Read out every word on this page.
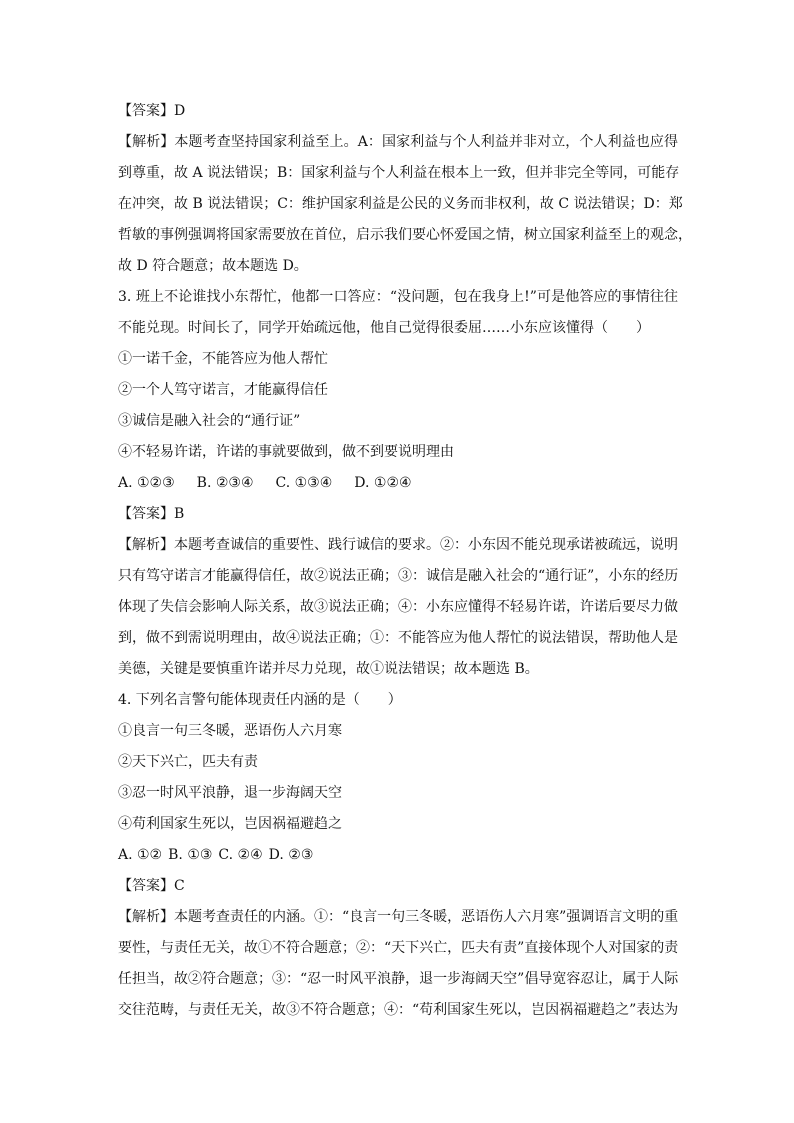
【答案】D
【解析】本题考查坚持国家利益至上。A：国家利益与个人利益并非对立，个人利益也应得
到尊重，故 A 说法错误；B：国家利益与个人利益在根本上一致，但并非完全等同，可能存
在冲突，故 B 说法错误；C：维护国家利益是公民的义务而非权利，故 C 说法错误；D：郑
哲敏的事例强调将国家需要放在首位，启示我们要心怀爱国之情，树立国家利益至上的观念，
故 D 符合题意；故本题选 D。
3. 班上不论谁找小东帮忙，他都一口答应：“没问题，包在我身上!”可是他答应的事情往往
不能兑现。时间长了，同学开始疏远他，他自己觉得很委屈……小东应该懂得（　　）
①一诺千金，不能答应为他人帮忙
②一个人笃守诺言，才能赢得信任
③诚信是融入社会的“通行证”
④不轻易许诺，许诺的事就要做到，做不到要说明理由
A. ①②③ B. ②③④ C. ①③④ D. ①②④
【答案】B
【解析】本题考查诚信的重要性、践行诚信的要求。②：小东因不能兑现承诺被疏远，说明
只有笃守诺言才能赢得信任，故②说法正确；③：诚信是融入社会的“通行证”，小东的经历
体现了失信会影响人际关系，故③说法正确；④：小东应懂得不轻易许诺，许诺后要尽力做
到，做不到需说明理由，故④说法正确；①：不能答应为他人帮忙的说法错误，帮助他人是
美德，关键是要慎重许诺并尽力兑现，故①说法错误；故本题选 B。
4. 下列名言警句能体现责任内涵的是（　　）
①良言一句三冬暖，恶语伤人六月寒
②天下兴亡，匹夫有责
③忍一时风平浪静，退一步海阔天空
④苟利国家生死以，岂因祸福避趋之
A. ①② B. ①③ C. ②④ D. ②③
【答案】C
【解析】本题考查责任的内涵。①：“良言一句三冬暖，恶语伤人六月寒”强调语言文明的重
要性，与责任无关，故①不符合题意；②：“天下兴亡，匹夫有责”直接体现个人对国家的责
任担当，故②符合题意；③：“忍一时风平浪静，退一步海阔天空”倡导宽容忍让，属于人际
交往范畴，与责任无关，故③不符合题意；④：“苟利国家生死以，岂因祸福避趋之”表达为
